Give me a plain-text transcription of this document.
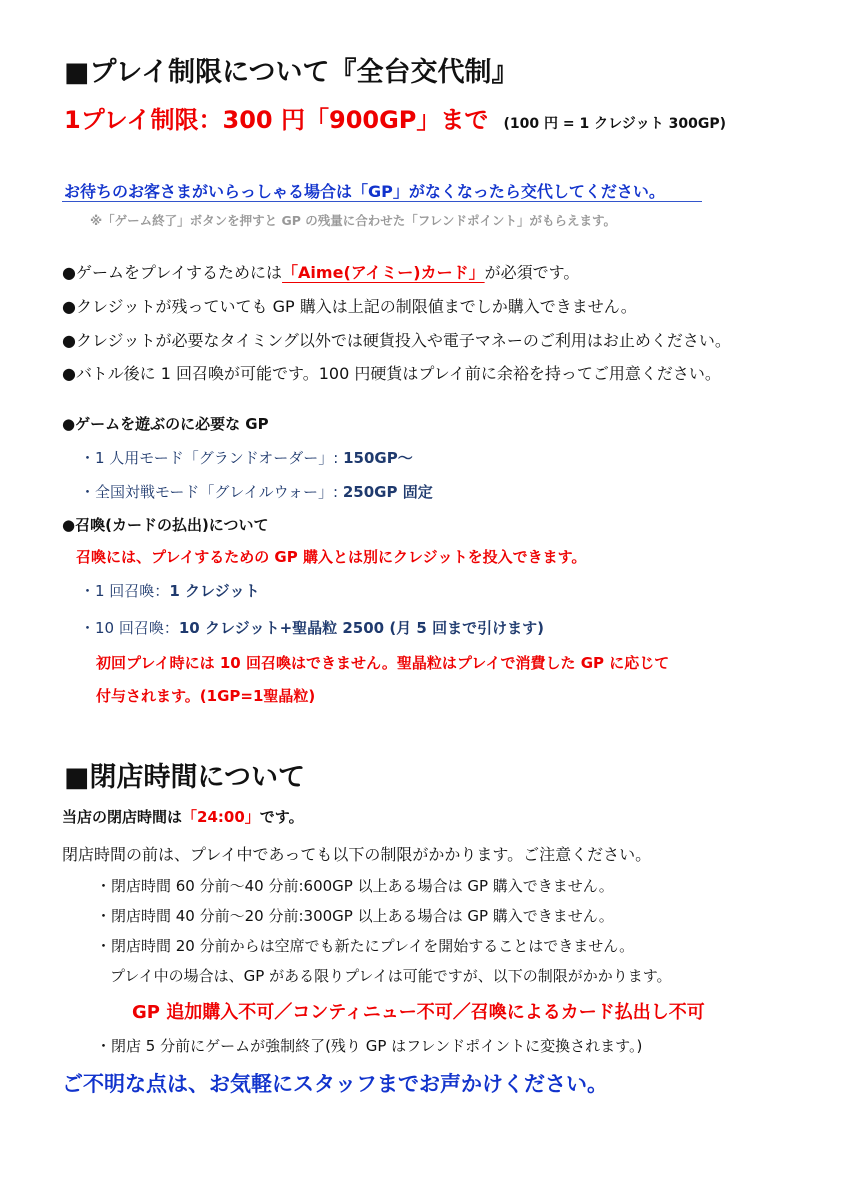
■プレイ制限について『全台交代制』
1プレイ制限：300 円「900GP」まで (100 円 = 1 クレジット 300GP)
お待ちのお客さまがいらっしゃる場合は「GP」がなくなったら交代してください。
※「ゲーム終了」ボタンを押すと GP の残量に合わせた「フレンドポイント」がもらえます。
●ゲームをプレイするためには「Aime(アイミー)カード」が必須です。
●クレジットが残っていても GP 購入は上記の制限値までしか購入できません。
●クレジットが必要なタイミング以外では硬貨投入や電子マネーのご利用はお止めください。
●バトル後に 1 回召喚が可能です。100 円硬貨はプレイ前に余裕を持ってご用意ください。
●ゲームを遊ぶのに必要な GP
・1 人用モード「グランドオーダー」: 150GP〜
・全国対戦モード「グレイルウォー」: 250GP 固定
●召喚(カードの払出)について
召喚には、プレイするための GP 購入とは別にクレジットを投入できます。
・1 回召喚：1 クレジット
・10 回召喚：10 クレジット+聖晶粒 2500 (月 5 回まで引けます)
初回プレイ時には 10 回召喚はできません。聖晶粒はプレイで消費した GP に応じて
付与されます。(1GP=1聖晶粒)
■閉店時間について
当店の閉店時間は「24:00」です。
閉店時間の前は、プレイ中であっても以下の制限がかかります。ご注意ください。
・閉店時間 60 分前〜40 分前:600GP 以上ある場合は GP 購入できません。
・閉店時間 40 分前〜20 分前:300GP 以上ある場合は GP 購入できません。
・閉店時間 20 分前からは空席でも新たにプレイを開始することはできません。
プレイ中の場合は、GP がある限りプレイは可能ですが、以下の制限がかかります。
GP 追加購入不可／コンティニュー不可／召喚によるカード払出し不可
・閉店 5 分前にゲームが強制終了(残り GP はフレンドポイントに変換されます。)
ご不明な点は、お気軽にスタッフまでお声かけください。
